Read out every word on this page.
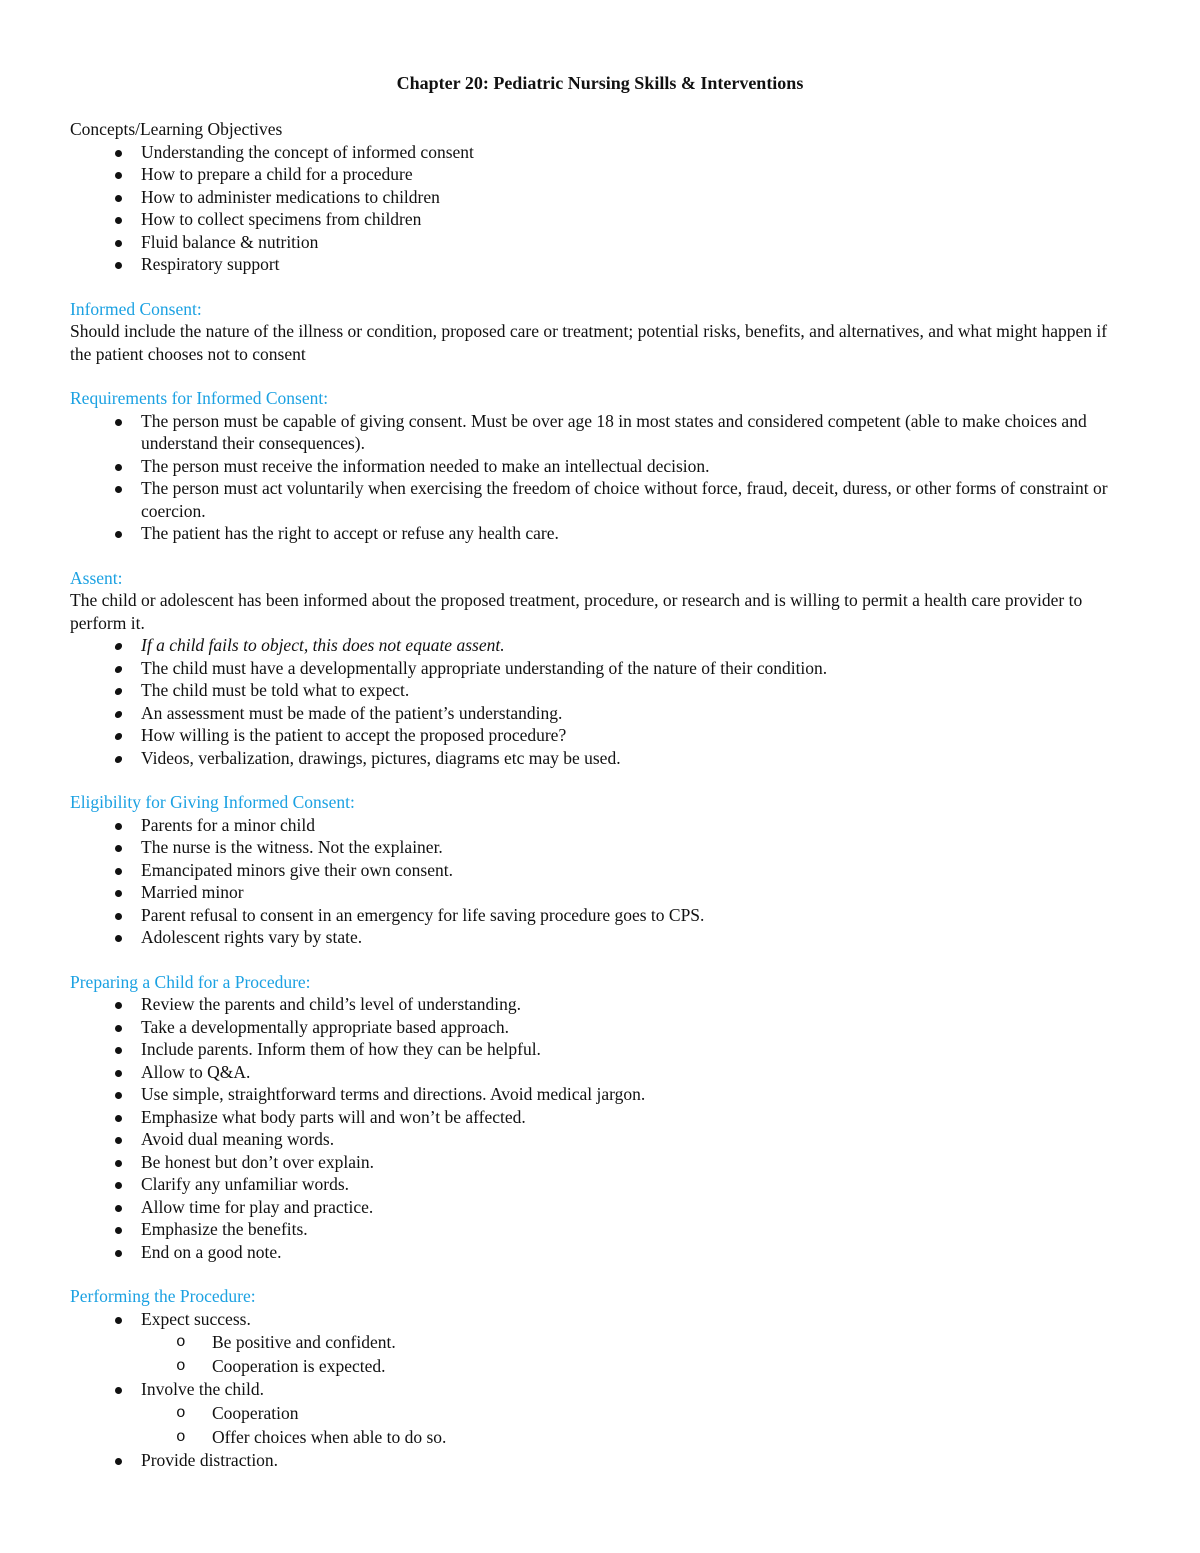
Chapter 20: Pediatric Nursing Skills & Interventions
Concepts/Learning Objectives
Understanding the concept of informed consent
How to prepare a child for a procedure
How to administer medications to children
How to collect specimens from children
Fluid balance & nutrition
Respiratory support
Informed Consent:
Should include the nature of the illness or condition, proposed care or treatment; potential risks, benefits, and alternatives, and what might happen if the patient chooses not to consent
Requirements for Informed Consent:
The person must be capable of giving consent. Must be over age 18 in most states and considered competent (able to make choices and understand their consequences).
The person must receive the information needed to make an intellectual decision.
The person must act voluntarily when exercising the freedom of choice without force, fraud, deceit, duress, or other forms of constraint or coercion.
The patient has the right to accept or refuse any health care.
Assent:
The child or adolescent has been informed about the proposed treatment, procedure, or research and is willing to permit a health care provider to perform it.
If a child fails to object, this does not equate assent.
The child must have a developmentally appropriate understanding of the nature of their condition.
The child must be told what to expect.
An assessment must be made of the patient’s understanding.
How willing is the patient to accept the proposed procedure?
Videos, verbalization, drawings, pictures, diagrams etc may be used.
Eligibility for Giving Informed Consent:
Parents for a minor child
The nurse is the witness. Not the explainer.
Emancipated minors give their own consent.
Married minor
Parent refusal to consent in an emergency for life saving procedure goes to CPS.
Adolescent rights vary by state.
Preparing a Child for a Procedure:
Review the parents and child’s level of understanding.
Take a developmentally appropriate based approach.
Include parents. Inform them of how they can be helpful.
Allow to Q&A.
Use simple, straightforward terms and directions. Avoid medical jargon.
Emphasize what body parts will and won’t be affected.
Avoid dual meaning words.
Be honest but don’t over explain.
Clarify any unfamiliar words.
Allow time for play and practice.
Emphasize the benefits.
End on a good note.
Performing the Procedure:
Expect success.
o Be positive and confident.
o Cooperation is expected.
Involve the child.
o Cooperation
o Offer choices when able to do so.
Provide distraction.
